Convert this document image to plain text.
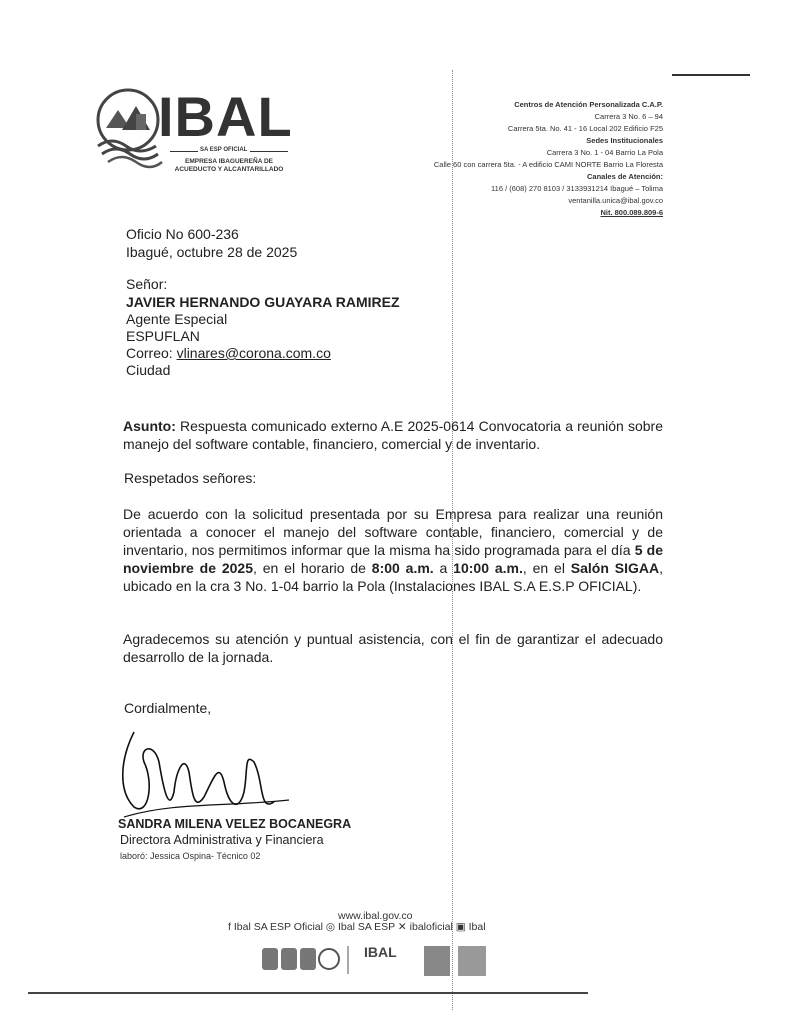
IBAL
SA ESP OFICIAL
EMPRESA IBAGUEREÑA DE
ACUEDUCTO Y ALCANTARILLADO
Centros de Atención Personalizada C.A.P.
Carrera 3 No. 6 – 94
Carrera 5ta. No. 41 - 16 Local 202 Edificio F25
Sedes Institucionales
Carrera 3 No. 1 - 04 Barrio La Pola
Calle 60 con carrera 5ta. - A edificio CAMI NORTE Barrio La Floresta
Canales de Atención:
116 / (608) 270 8103 / 3133931214 Ibagué – Tolima
ventanilla.unica@ibal.gov.co
Nit. 800.089.809-6
Oficio No 600-236
Ibagué, octubre 28 de 2025
Señor:
JAVIER HERNANDO GUAYARA RAMIREZ
Agente Especial
ESPUFLAN
Correo: vlinares@corona.com.co
Ciudad
Asunto: Respuesta comunicado externo A.E 2025-0614 Convocatoria a reunión sobre manejo del software contable, financiero, comercial y de inventario.
Respetados señores:
De acuerdo con la solicitud presentada por su Empresa para realizar una reunión orientada a conocer el manejo del software contable, financiero, comercial y de inventario, nos permitimos informar que la misma ha sido programada para el día 5 de noviembre de 2025, en el horario de 8:00 a.m. a 10:00 a.m., en el Salón SIGAA, ubicado en la cra 3 No. 1-04 barrio la Pola (Instalaciones IBAL S.A E.S.P OFICIAL).
Agradecemos su atención y puntual asistencia, con el fin de garantizar el adecuado desarrollo de la jornada.
Cordialmente,
SANDRA MILENA VELEZ BOCANEGRA
Directora Administrativa y Financiera
laboró: Jessica Ospina- Técnico 02
www.ibal.gov.co
f Ibal SA ESP Oficial ◎ Ibal SA ESP ✕ ibaloficial ▣ Ibal
IBAL
